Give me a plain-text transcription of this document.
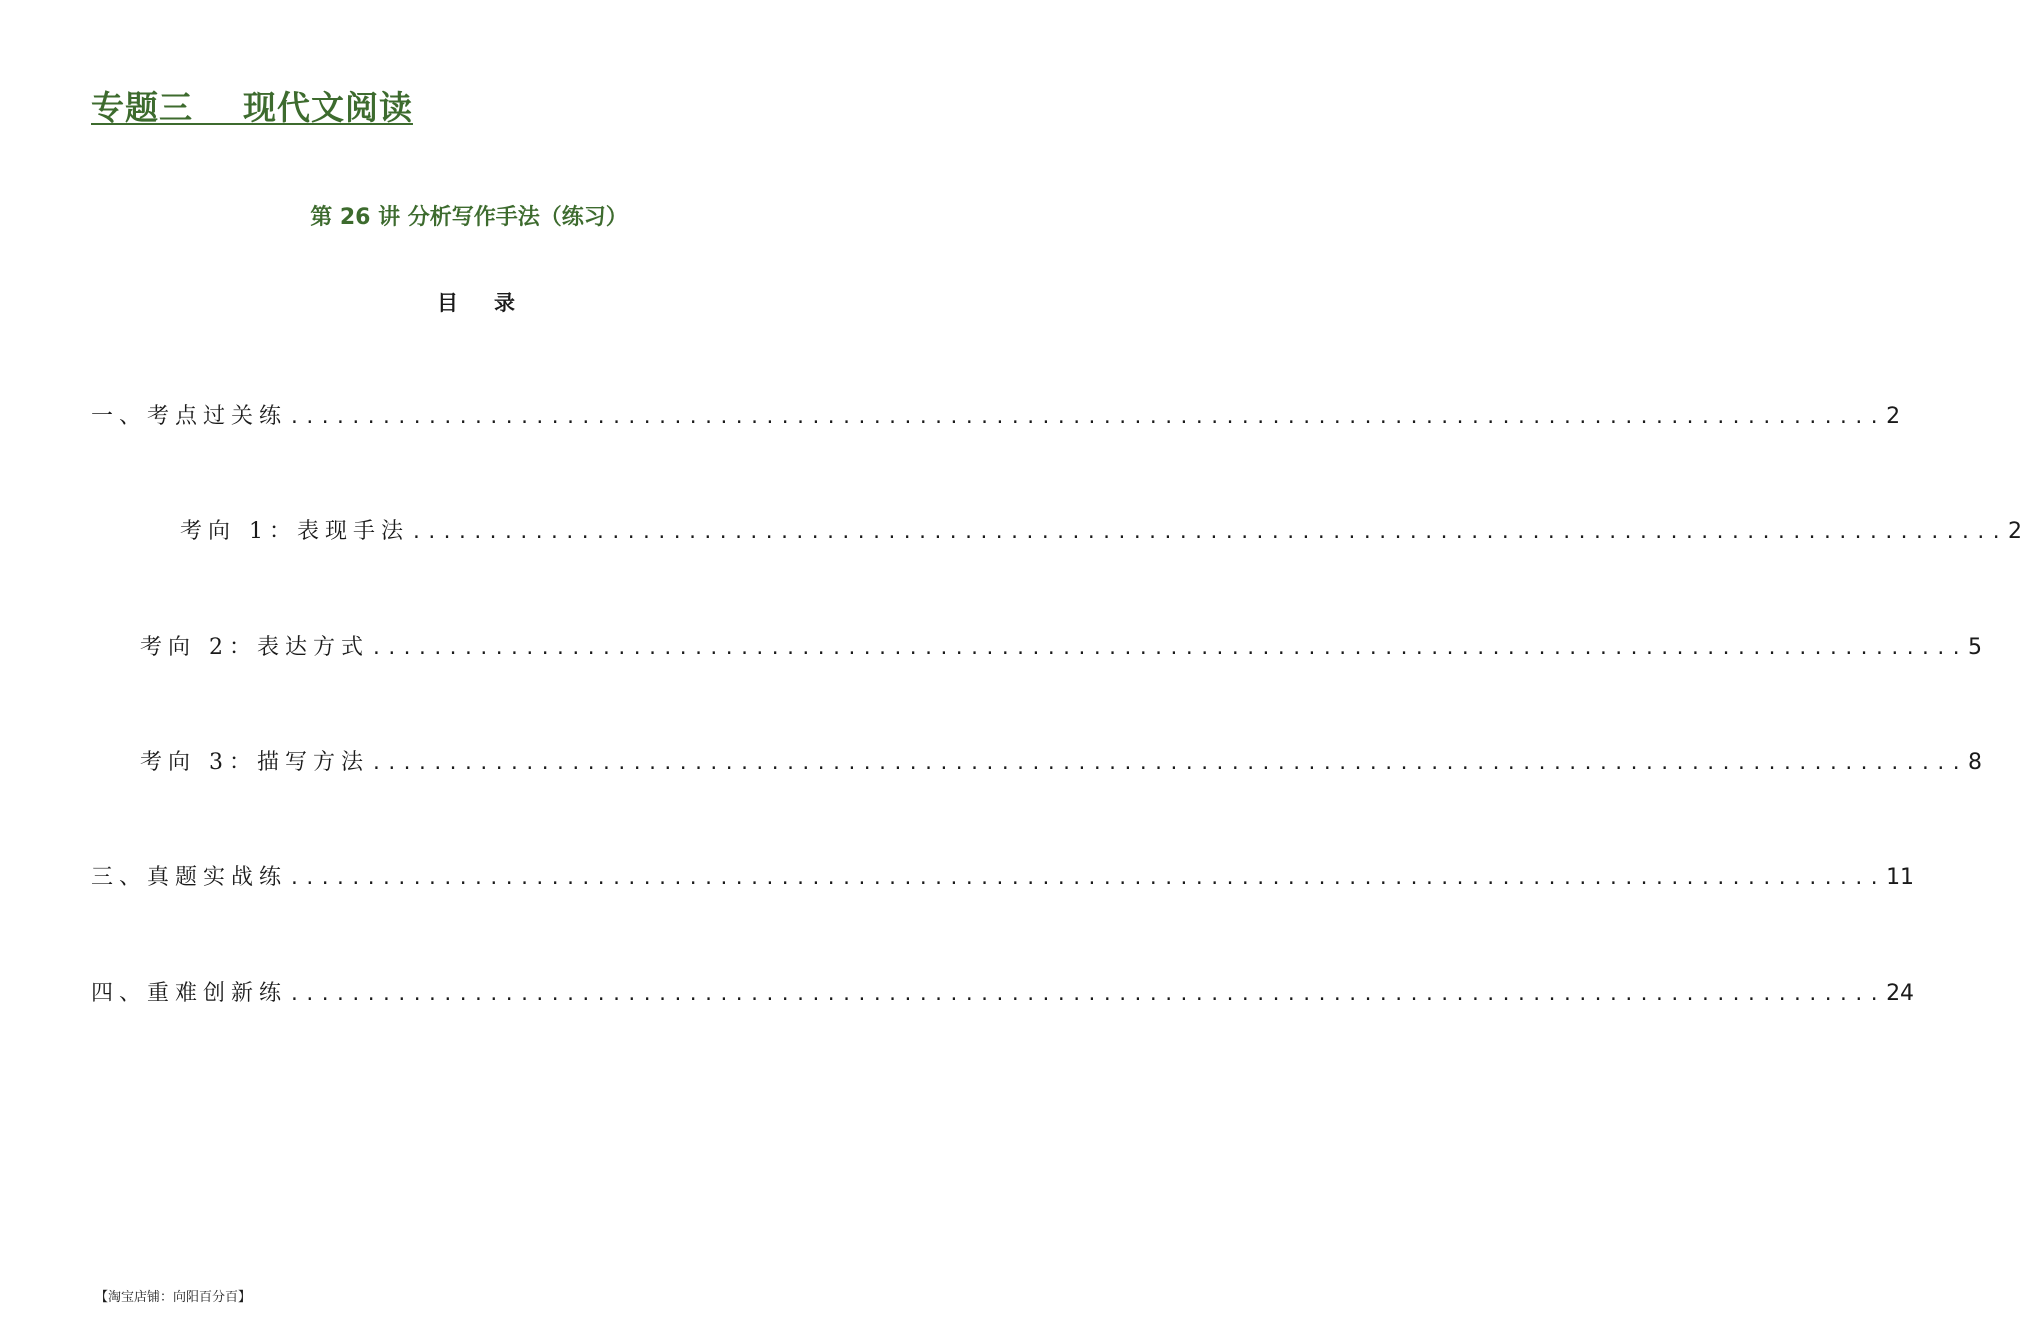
专题三    现代文阅读
第 26 讲 分析写作手法（练习）
目录
一、考点过关练 ........................................................................................................ 2
考向 1：表现手法 ........................................................................................................ 2
考向 2：表达方式 ........................................................................................................ 5
考向 3：描写方法 ........................................................................................................ 8
三、真题实战练 ........................................................................................................ 11
四、重难创新练 ........................................................................................................ 24
【淘宝店铺：向阳百分百】
